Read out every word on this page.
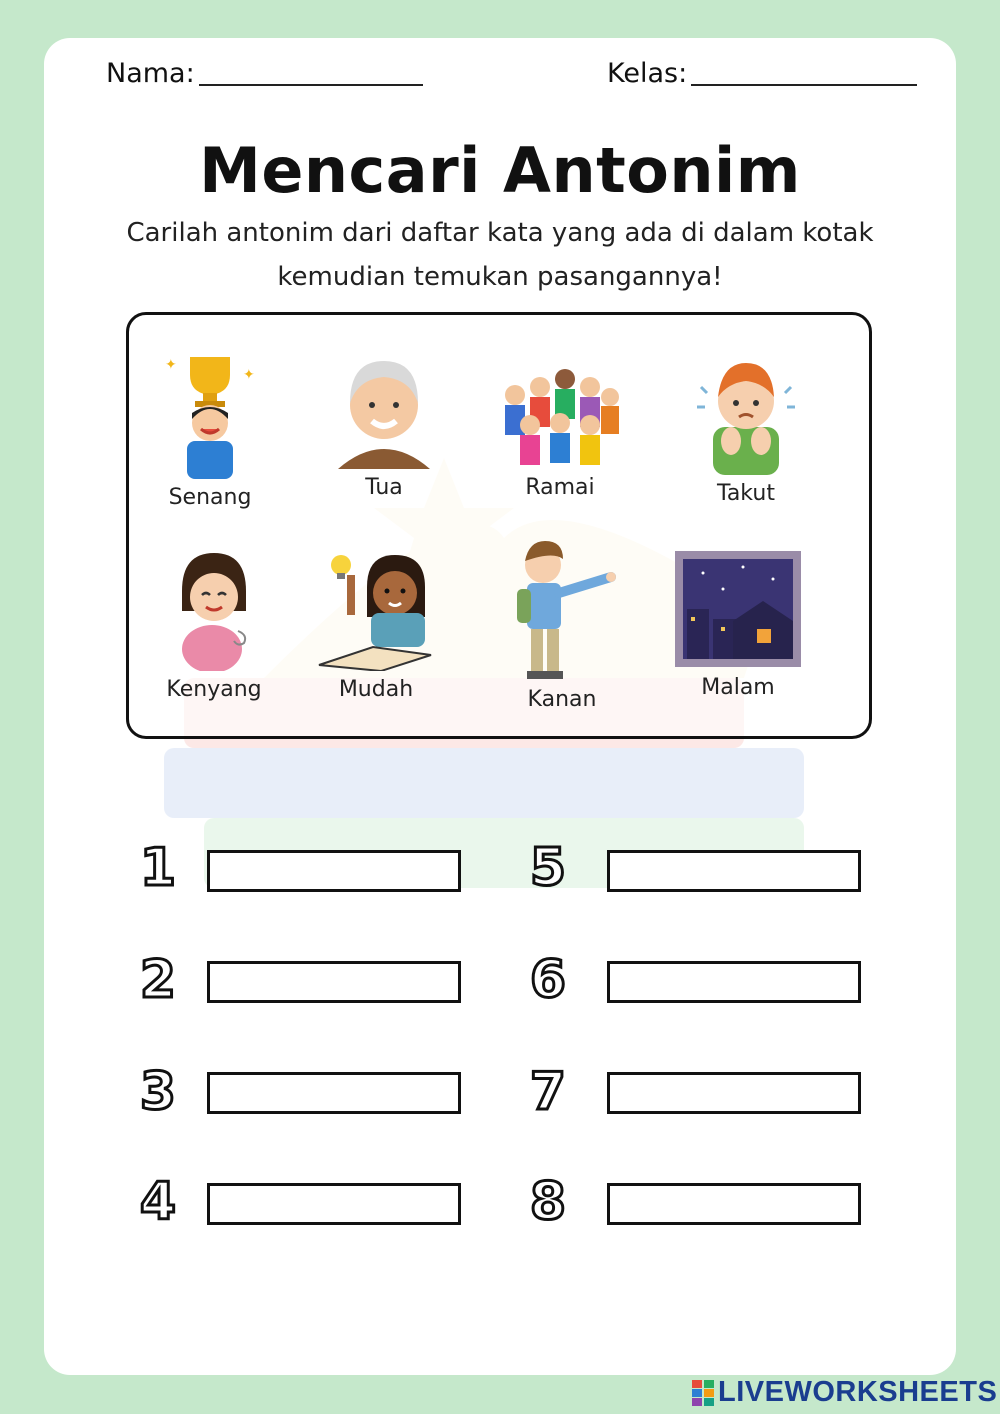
Nama:	Kelas:
Mencari Antonim
Carilah antonim dari daftar kata yang ada di dalam kotak
kemudian temukan pasangannya!
✦
✦
Senang	Tua	Ramai	Takut
Kenyang	Mudah	Kanan	Malam
1
2
3
4
5
6
7
8
LIVEWORKSHEETS
